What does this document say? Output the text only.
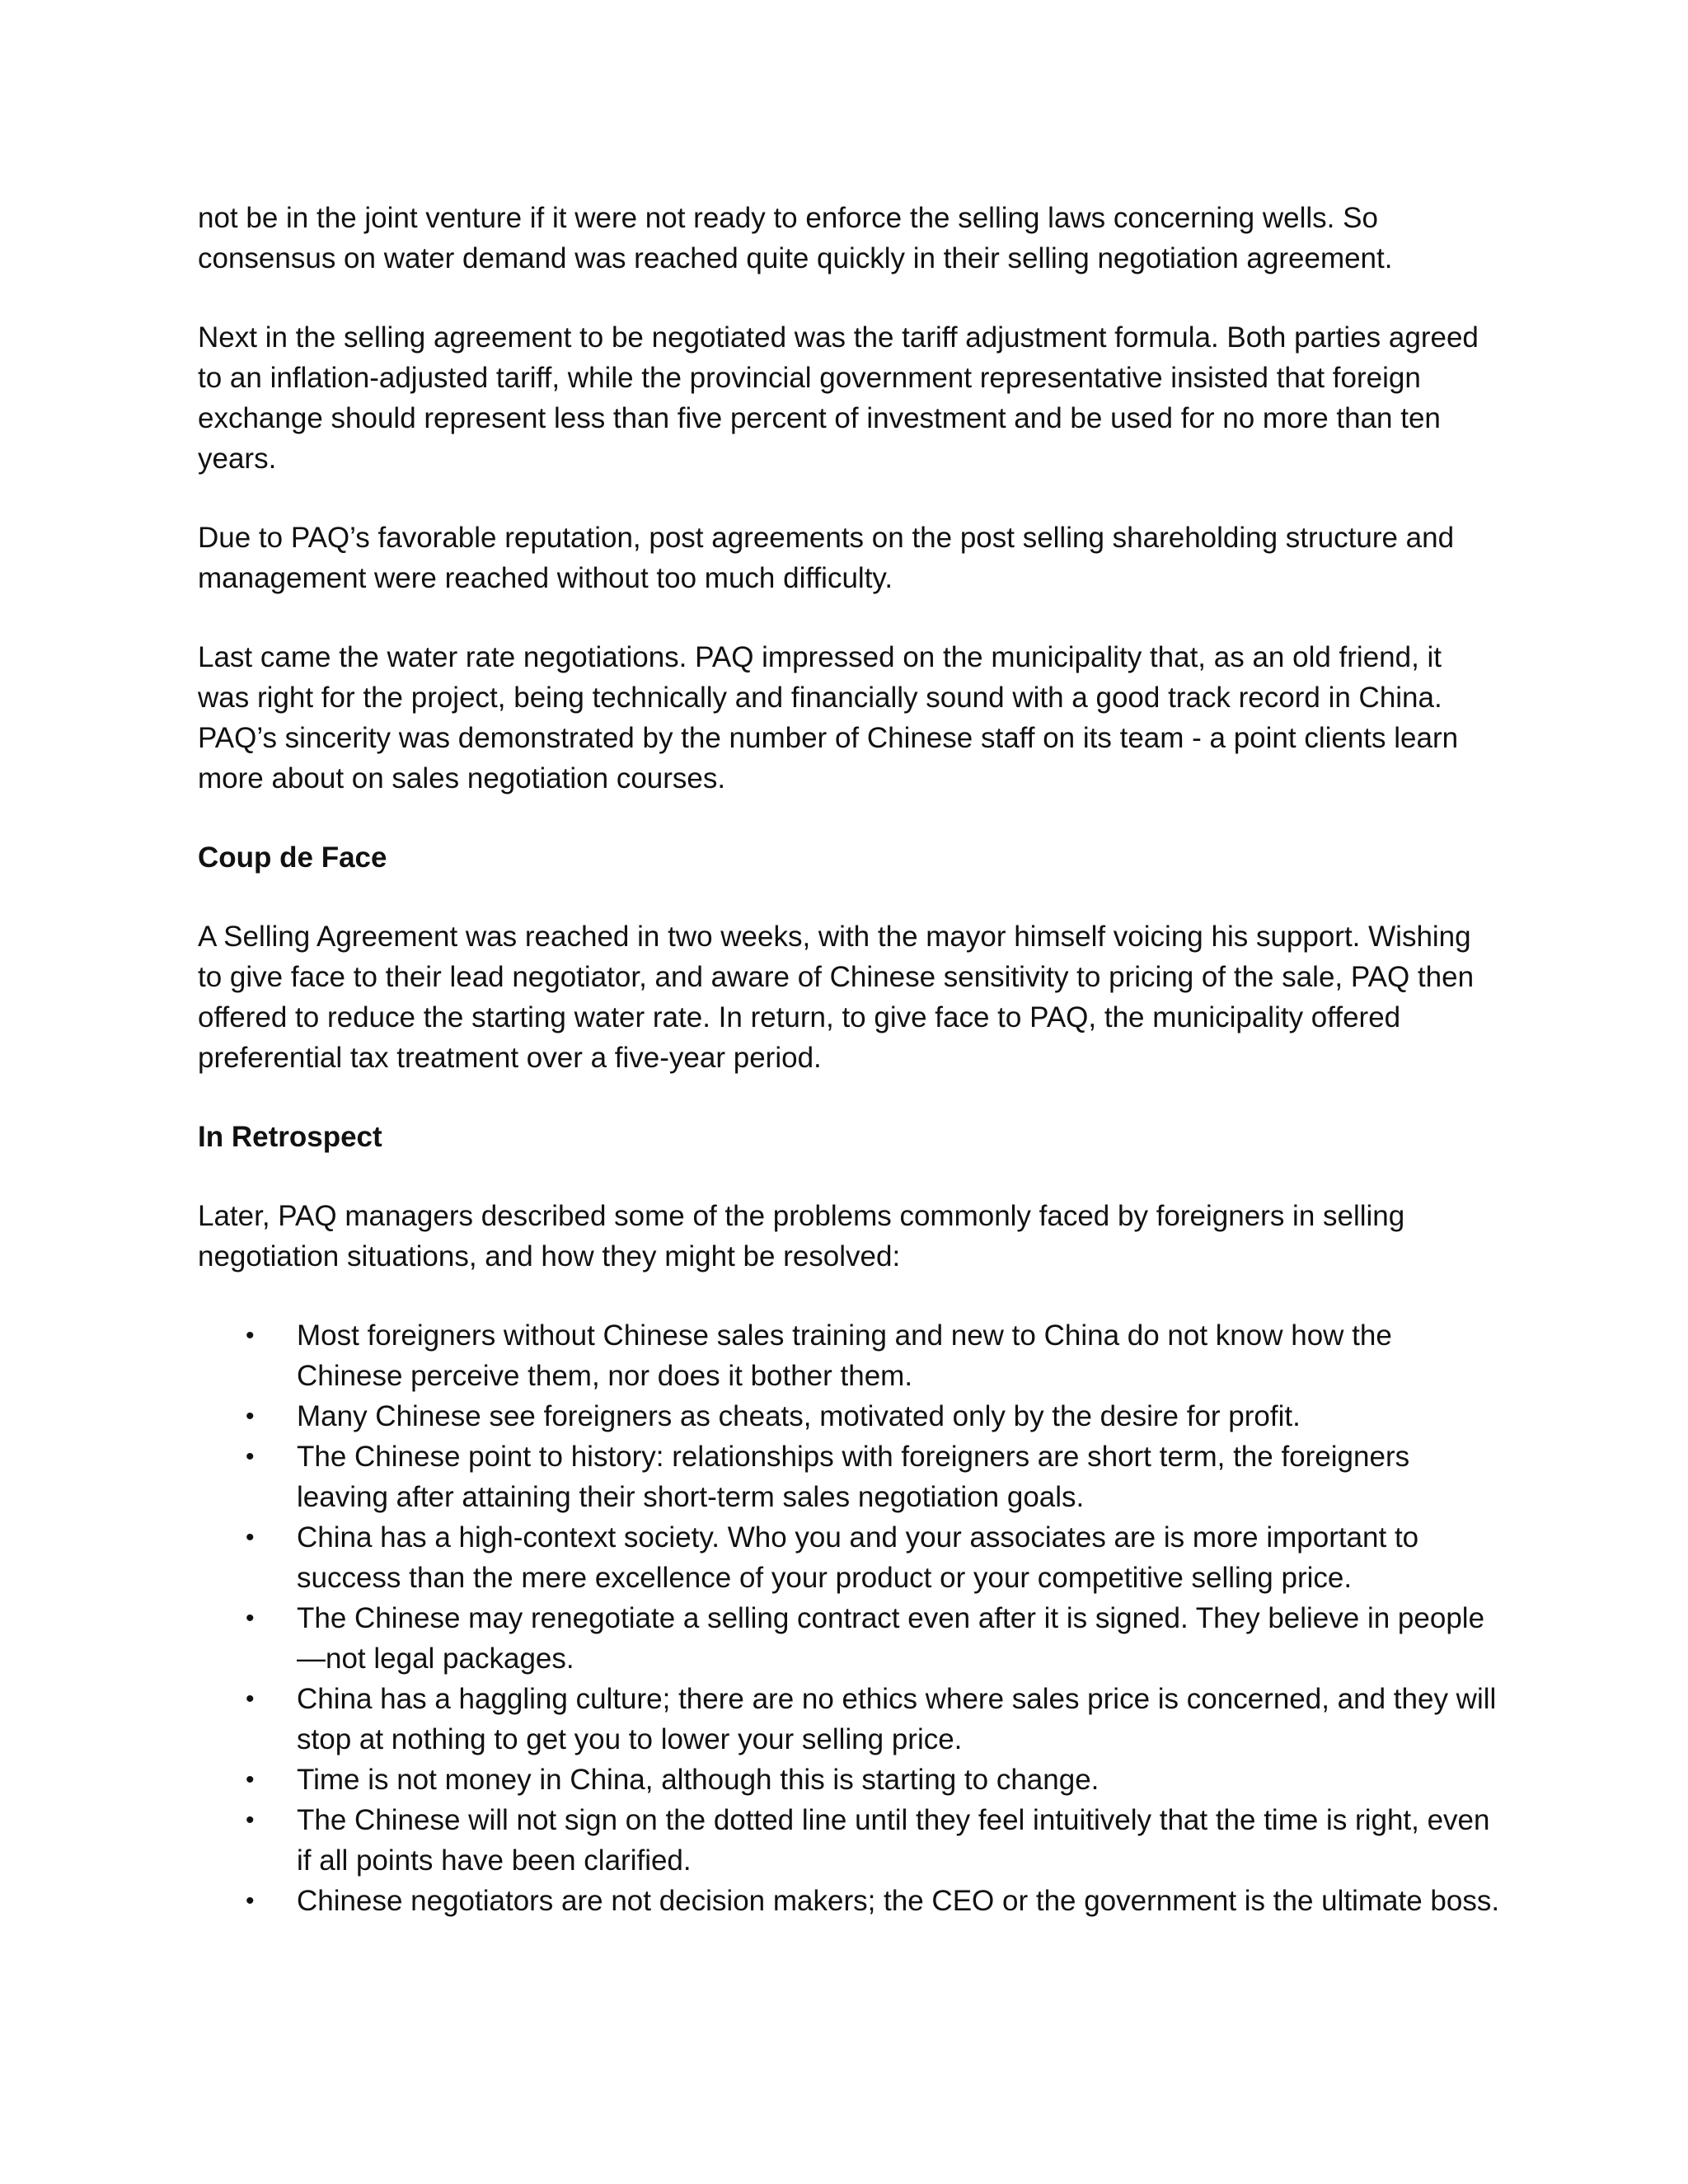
not be in the joint venture if it were not ready to enforce the selling laws concerning wells. So consensus on water demand was reached quite quickly in their selling negotiation agreement.

Next in the selling agreement to be negotiated was the tariff adjustment formula. Both parties agreed to an inflation-adjusted tariff, while the provincial government representative insisted that foreign exchange should represent less than five percent of investment and be used for no more than ten years.

Due to PAQ’s favorable reputation, post agreements on the post selling shareholding structure and management were reached without too much difficulty.

Last came the water rate negotiations. PAQ impressed on the municipality that, as an old friend, it was right for the project, being technically and financially sound with a good track record in China. PAQ’s sincerity was demonstrated by the number of Chinese staff on its team - a point clients learn more about on sales negotiation courses.

Coup de Face

A Selling Agreement was reached in two weeks, with the mayor himself voicing his support. Wishing to give face to their lead negotiator, and aware of Chinese sensitivity to pricing of the sale, PAQ then offered to reduce the starting water rate. In return, to give face to PAQ, the municipality offered preferential tax treatment over a five-year period.

In Retrospect

Later, PAQ managers described some of the problems commonly faced by foreigners in selling negotiation situations, and how they might be resolved:

• Most foreigners without Chinese sales training and new to China do not know how the Chinese perceive them, nor does it bother them.
• Many Chinese see foreigners as cheats, motivated only by the desire for profit.
• The Chinese point to history: relationships with foreigners are short term, the foreigners leaving after attaining their short-term sales negotiation goals.
• China has a high-context society. Who you and your associates are is more important to success than the mere excellence of your product or your competitive selling price.
• The Chinese may renegotiate a selling contract even after it is signed. They believe in people—not legal packages.
• China has a haggling culture; there are no ethics where sales price is concerned, and they will stop at nothing to get you to lower your selling price.
• Time is not money in China, although this is starting to change.
• The Chinese will not sign on the dotted line until they feel intuitively that the time is right, even if all points have been clarified.
• Chinese negotiators are not decision makers; the CEO or the government is the ultimate boss.
